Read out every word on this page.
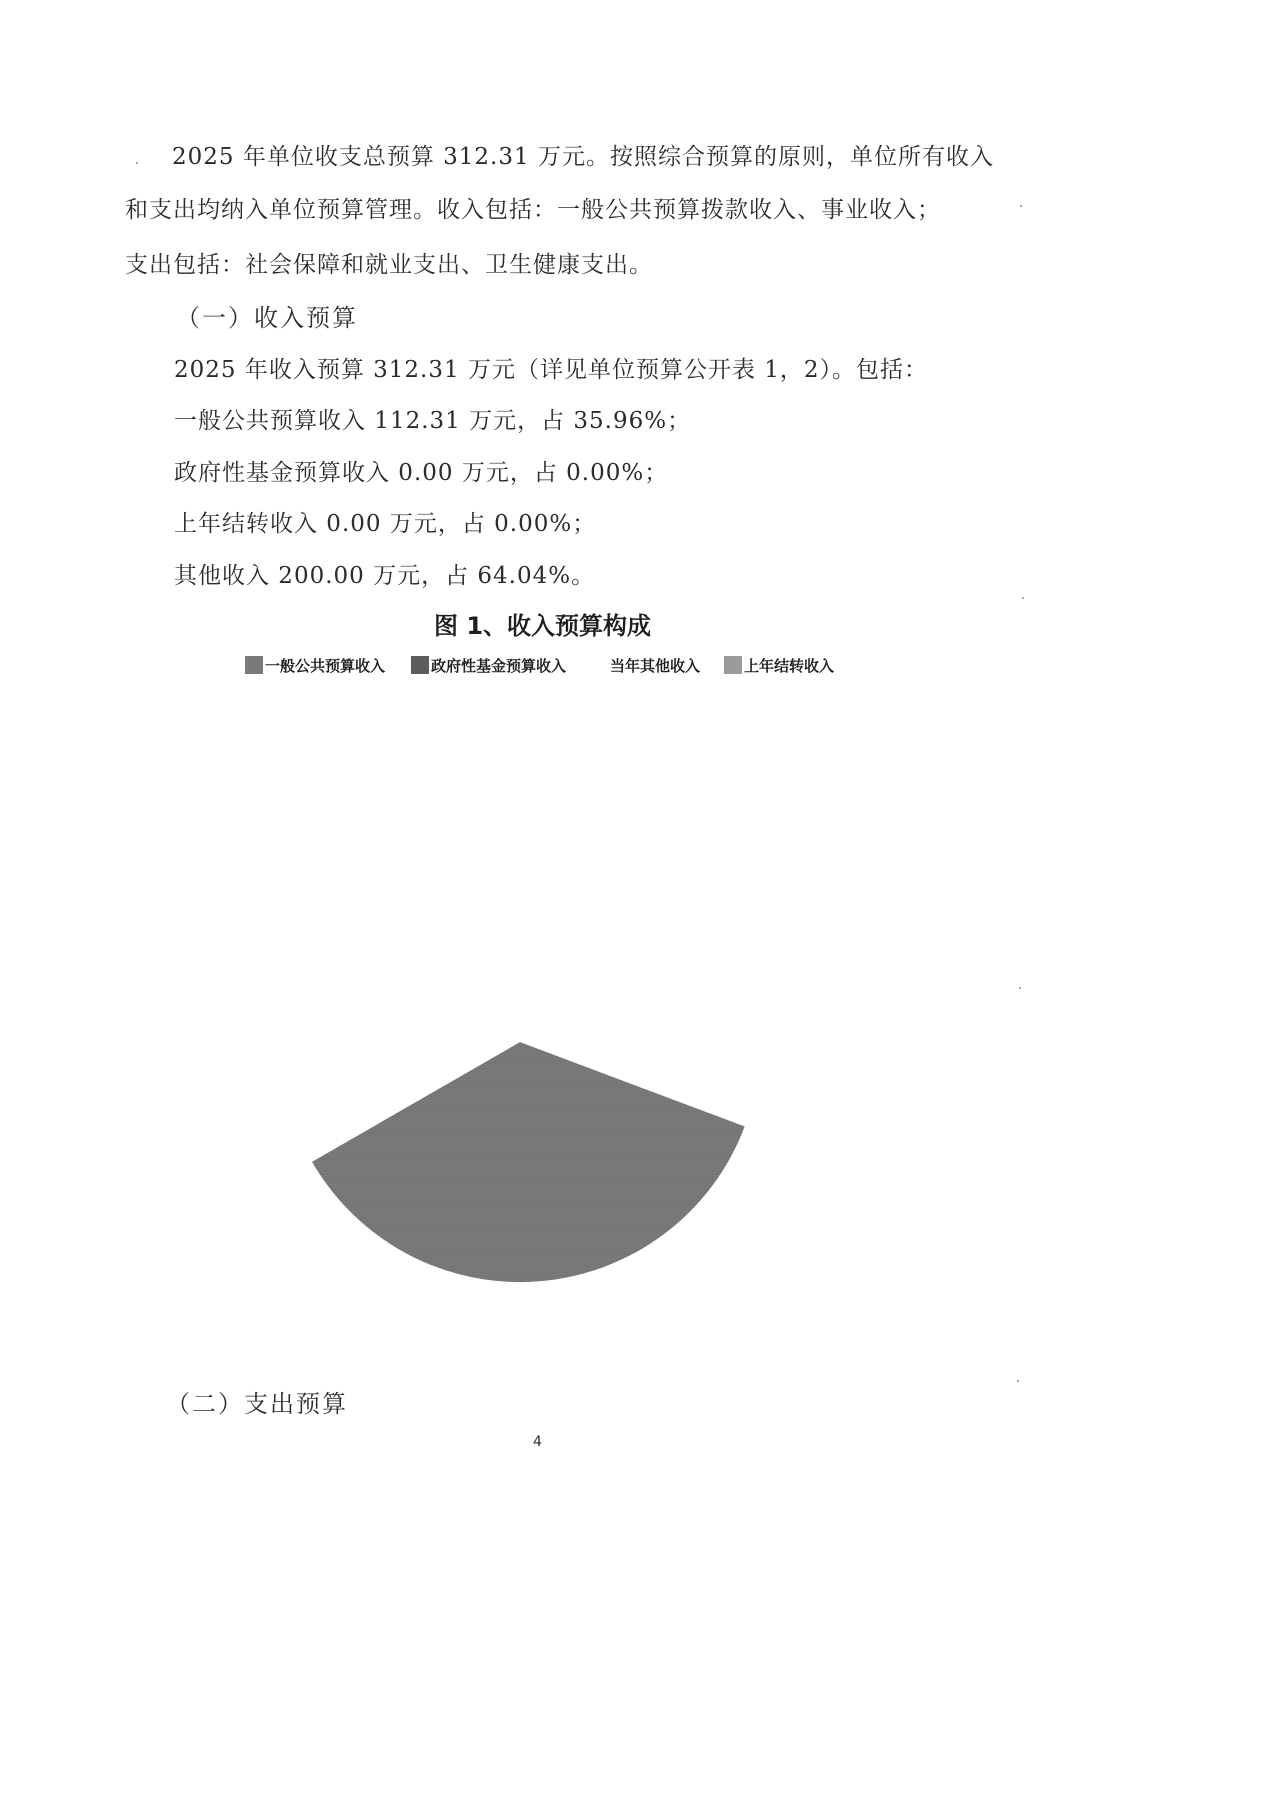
2025 年单位收支总预算 312.31 万元。按照综合预算的原则，单位所有收入

和支出均纳入单位预算管理。收入包括：一般公共预算拨款收入、事业收入；

支出包括：社会保障和就业支出、卫生健康支出。

（一）收入预算

2025 年收入预算 312.31 万元（详见单位预算公开表 1，2）。包括：

一般公共预算收入 112.31 万元，占 35.96%；

政府性基金预算收入 0.00 万元，占 0.00%；

上年结转收入 0.00 万元，占 0.00%；

其他收入 200.00 万元，占 64.04%。

图 1、收入预算构成
一般公共预算收入	政府性基金预算收入	当年其他收入	上年结转收入
（二）支出预算
4
